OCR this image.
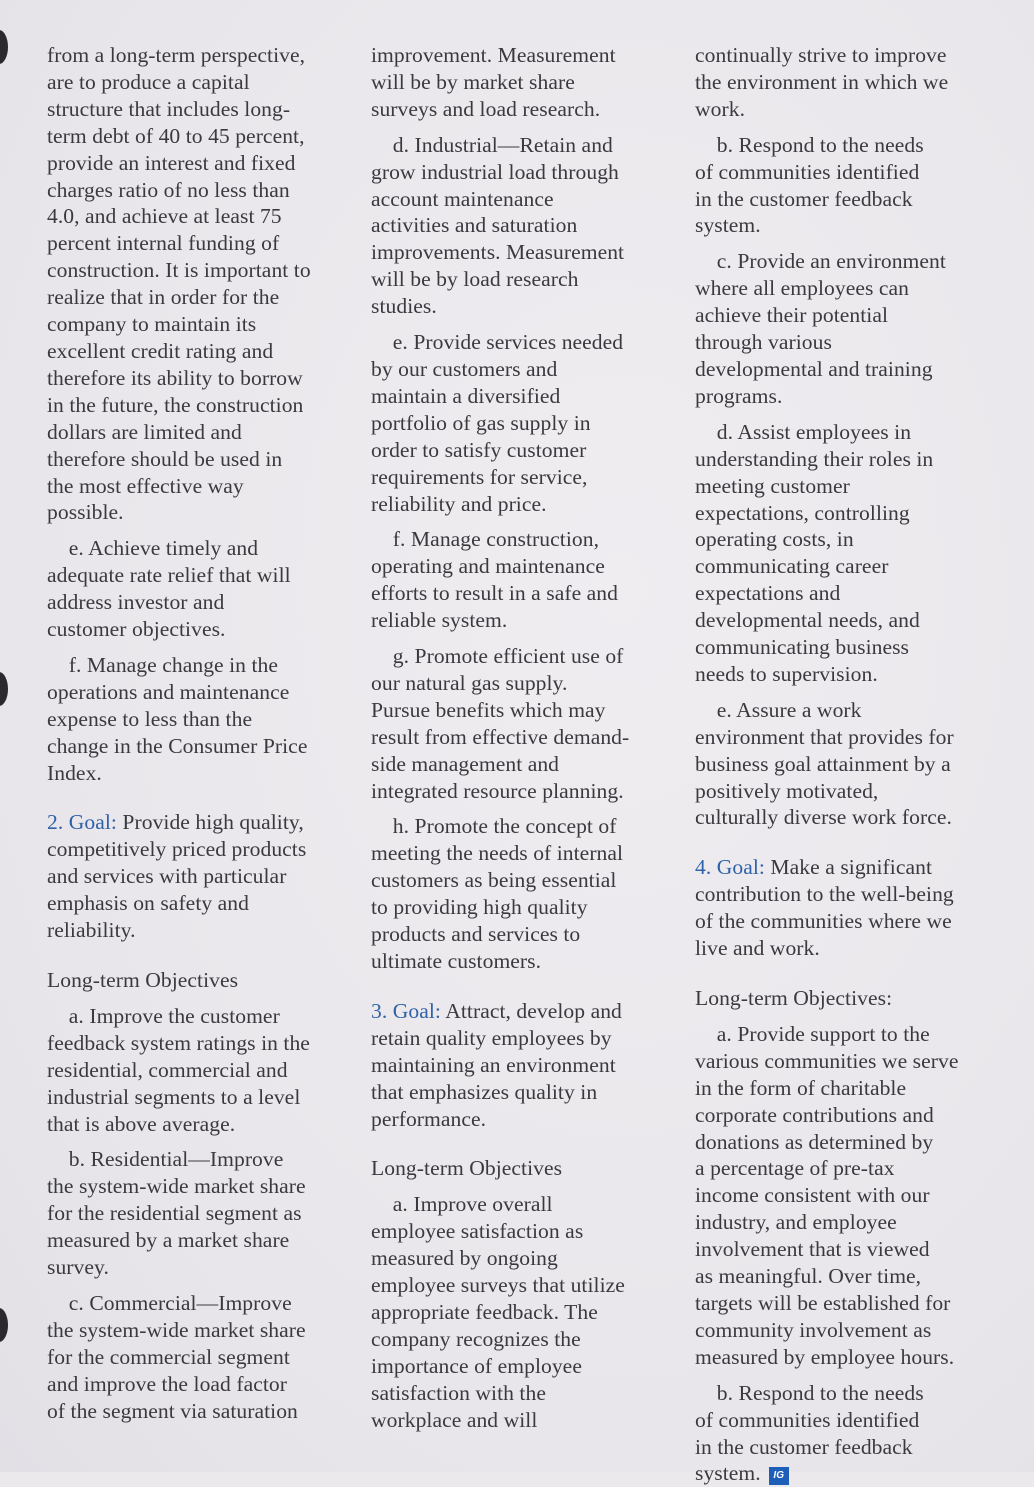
from a long-term perspective,
are to produce a capital
structure that includes long-
term debt of 40 to 45 percent,
provide an interest and fixed
charges ratio of no less than
4.0, and achieve at least 75
percent internal funding of
construction. It is important to
realize that in order for the
company to maintain its
excellent credit rating and
therefore its ability to borrow
in the future, the construction
dollars are limited and
therefore should be used in
the most effective way
possible.

e. Achieve timely and
adequate rate relief that will
address investor and
customer objectives.

f. Manage change in the
operations and maintenance
expense to less than the
change in the Consumer Price
Index.

2. Goal: Provide high quality,
competitively priced products
and services with particular
emphasis on safety and
reliability.

Long-term Objectives

a. Improve the customer
feedback system ratings in the
residential, commercial and
industrial segments to a level
that is above average.

b. Residential—Improve
the system-wide market share
for the residential segment as
measured by a market share
survey.

c. Commercial—Improve
the system-wide market share
for the commercial segment
and improve the load factor
of the segment via saturation

improvement. Measurement
will be by market share
surveys and load research.

d. Industrial—Retain and
grow industrial load through
account maintenance
activities and saturation
improvements. Measurement
will be by load research
studies.

e. Provide services needed
by our customers and
maintain a diversified
portfolio of gas supply in
order to satisfy customer
requirements for service,
reliability and price.

f. Manage construction,
operating and maintenance
efforts to result in a safe and
reliable system.

g. Promote efficient use of
our natural gas supply.
Pursue benefits which may
result from effective demand-
side management and
integrated resource planning.

h. Promote the concept of
meeting the needs of internal
customers as being essential
to providing high quality
products and services to
ultimate customers.

3. Goal: Attract, develop and
retain quality employees by
maintaining an environment
that emphasizes quality in
performance.

Long-term Objectives

a. Improve overall
employee satisfaction as
measured by ongoing
employee surveys that utilize
appropriate feedback. The
company recognizes the
importance of employee
satisfaction with the
workplace and will

continually strive to improve
the environment in which we
work.

b. Respond to the needs
of communities identified
in the customer feedback
system.

c. Provide an environment
where all employees can
achieve their potential
through various
developmental and training
programs.

d. Assist employees in
understanding their roles in
meeting customer
expectations, controlling
operating costs, in
communicating career
expectations and
developmental needs, and
communicating business
needs to supervision.

e. Assure a work
environment that provides for
business goal attainment by a
positively motivated,
culturally diverse work force.

4. Goal: Make a significant
contribution to the well-being
of the communities where we
live and work.

Long-term Objectives:

a. Provide support to the
various communities we serve
in the form of charitable
corporate contributions and
donations as determined by
a percentage of pre-tax
income consistent with our
industry, and employee
involvement that is viewed
as meaningful. Over time,
targets will be established for
community involvement as
measured by employee hours.

b. Respond to the needs
of communities identified
in the customer feedback
system. IG
